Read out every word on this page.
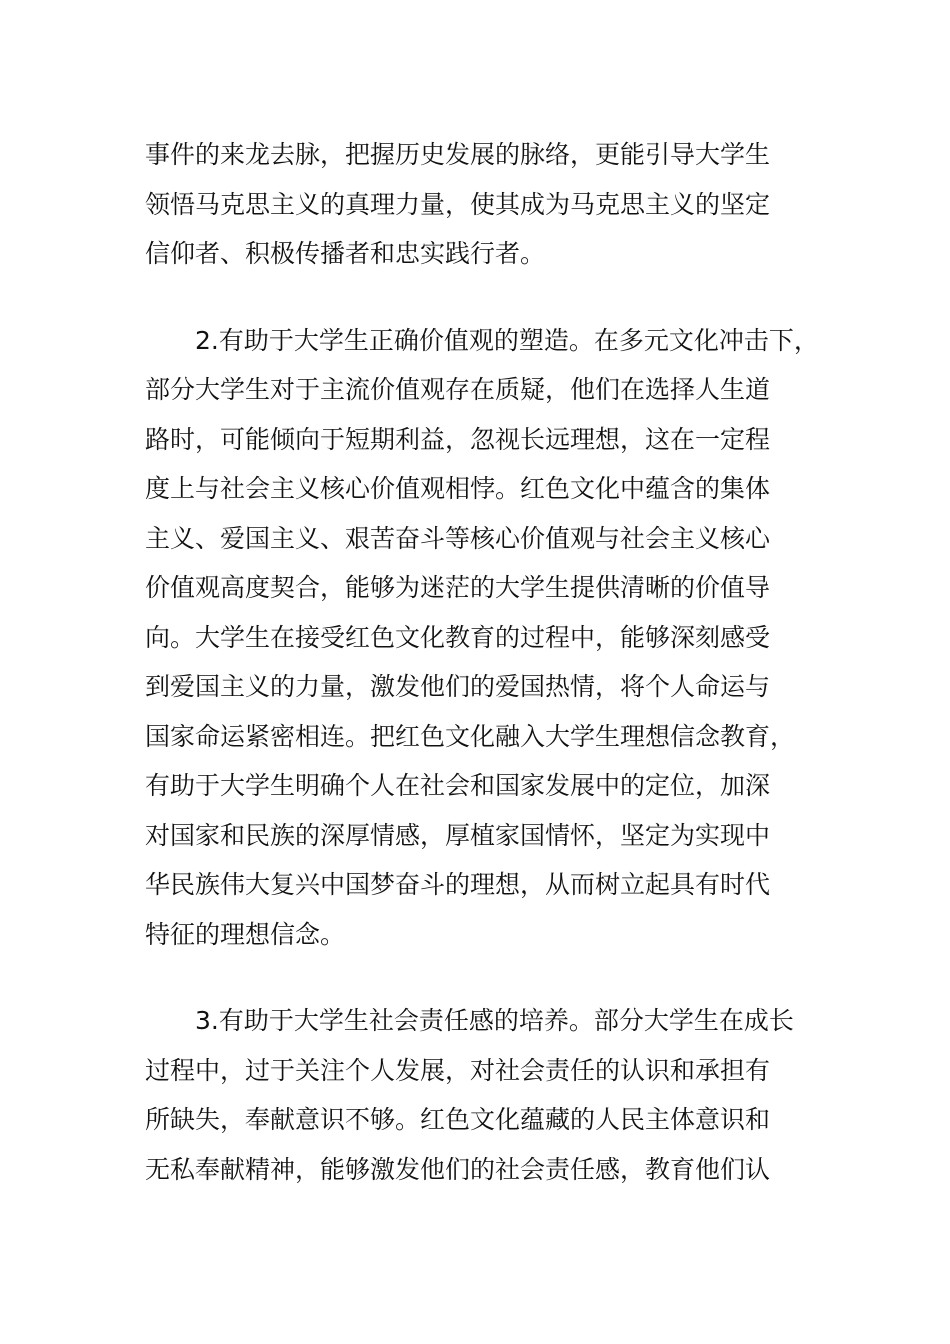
事件的来龙去脉，把握历史发展的脉络，更能引导大学生
领悟马克思主义的真理力量，使其成为马克思主义的坚定
信仰者、积极传播者和忠实践行者。
2.有助于大学生正确价值观的塑造。在多元文化冲击下，
部分大学生对于主流价值观存在质疑，他们在选择人生道
路时，可能倾向于短期利益，忽视长远理想，这在一定程
度上与社会主义核心价值观相悖。红色文化中蕴含的集体
主义、爱国主义、艰苦奋斗等核心价值观与社会主义核心
价值观高度契合，能够为迷茫的大学生提供清晰的价值导
向。大学生在接受红色文化教育的过程中，能够深刻感受
到爱国主义的力量，激发他们的爱国热情，将个人命运与
国家命运紧密相连。把红色文化融入大学生理想信念教育，
有助于大学生明确个人在社会和国家发展中的定位，加深
对国家和民族的深厚情感，厚植家国情怀，坚定为实现中
华民族伟大复兴中国梦奋斗的理想，从而树立起具有时代
特征的理想信念。
3.有助于大学生社会责任感的培养。部分大学生在成长
过程中，过于关注个人发展，对社会责任的认识和承担有
所缺失，奉献意识不够。红色文化蕴藏的人民主体意识和
无私奉献精神，能够激发他们的社会责任感，教育他们认
